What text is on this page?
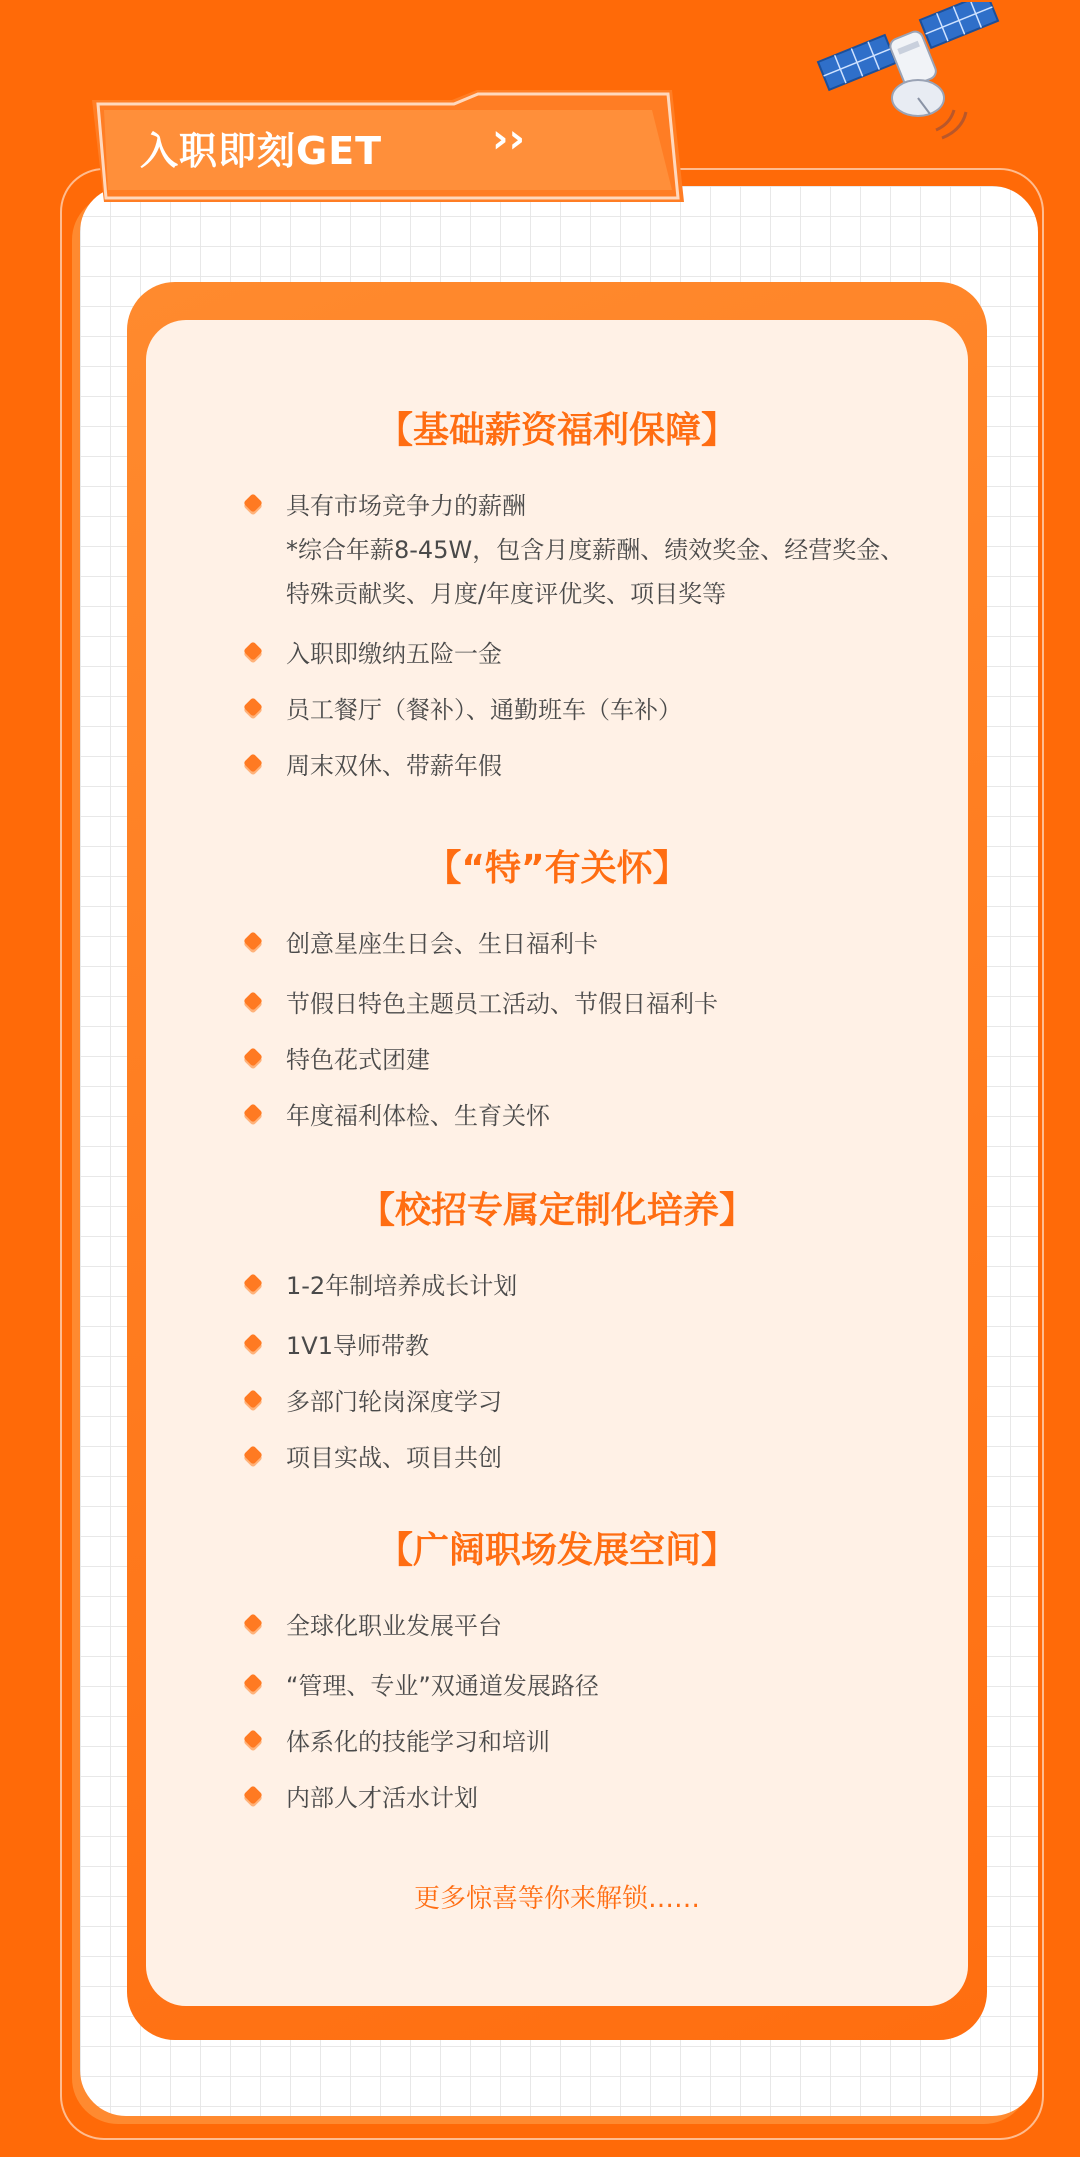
入职即刻GET	››
【基础薪资福利保障】
具有市场竞争力的薪酬
*综合年薪8-45W，包含月度薪酬、绩效奖金、经营奖金、
特殊贡献奖、月度/年度评优奖、项目奖等
入职即缴纳五险一金
员工餐厅（餐补）、通勤班车（车补）
周末双休、带薪年假
【“特”有关怀】
创意星座生日会、生日福利卡
节假日特色主题员工活动、节假日福利卡
特色花式团建
年度福利体检、生育关怀
【校招专属定制化培养】
1-2年制培养成长计划
1V1导师带教
多部门轮岗深度学习
项目实战、项目共创
【广阔职场发展空间】
全球化职业发展平台
“管理、专业”双通道发展路径
体系化的技能学习和培训
内部人才活水计划
更多惊喜等你来解锁……
